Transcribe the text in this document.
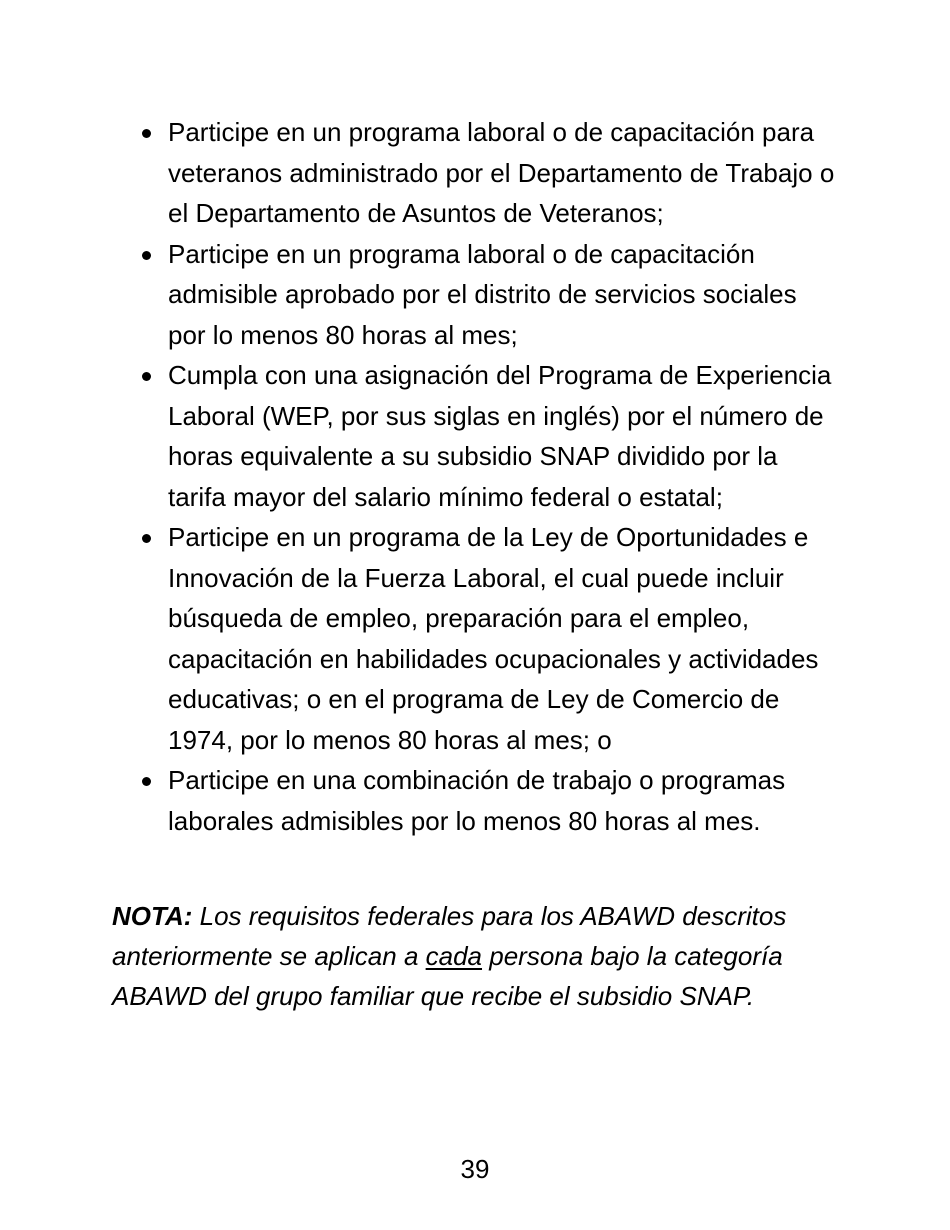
Participe en un programa laboral o de capacitación para veteranos administrado por el Departamento de Trabajo o el Departamento de Asuntos de Veteranos;
Participe en un programa laboral o de capacitación admisible aprobado por el distrito de servicios sociales por lo menos 80 horas al mes;
Cumpla con una asignación del Programa de Experiencia Laboral (WEP, por sus siglas en inglés) por el número de horas equivalente a su subsidio SNAP dividido por la tarifa mayor del salario mínimo federal o estatal;
Participe en un programa de la Ley de Oportunidades e Innovación de la Fuerza Laboral, el cual puede incluir búsqueda de empleo, preparación para el empleo, capacitación en habilidades ocupacionales y actividades educativas; o en el programa de Ley de Comercio de 1974, por lo menos 80 horas al mes; o
Participe en una combinación de trabajo o programas laborales admisibles por lo menos 80 horas al mes.

NOTA: Los requisitos federales para los ABAWD descritos anteriormente se aplican a cada persona bajo la categoría ABAWD del grupo familiar que recibe el subsidio SNAP.

39
